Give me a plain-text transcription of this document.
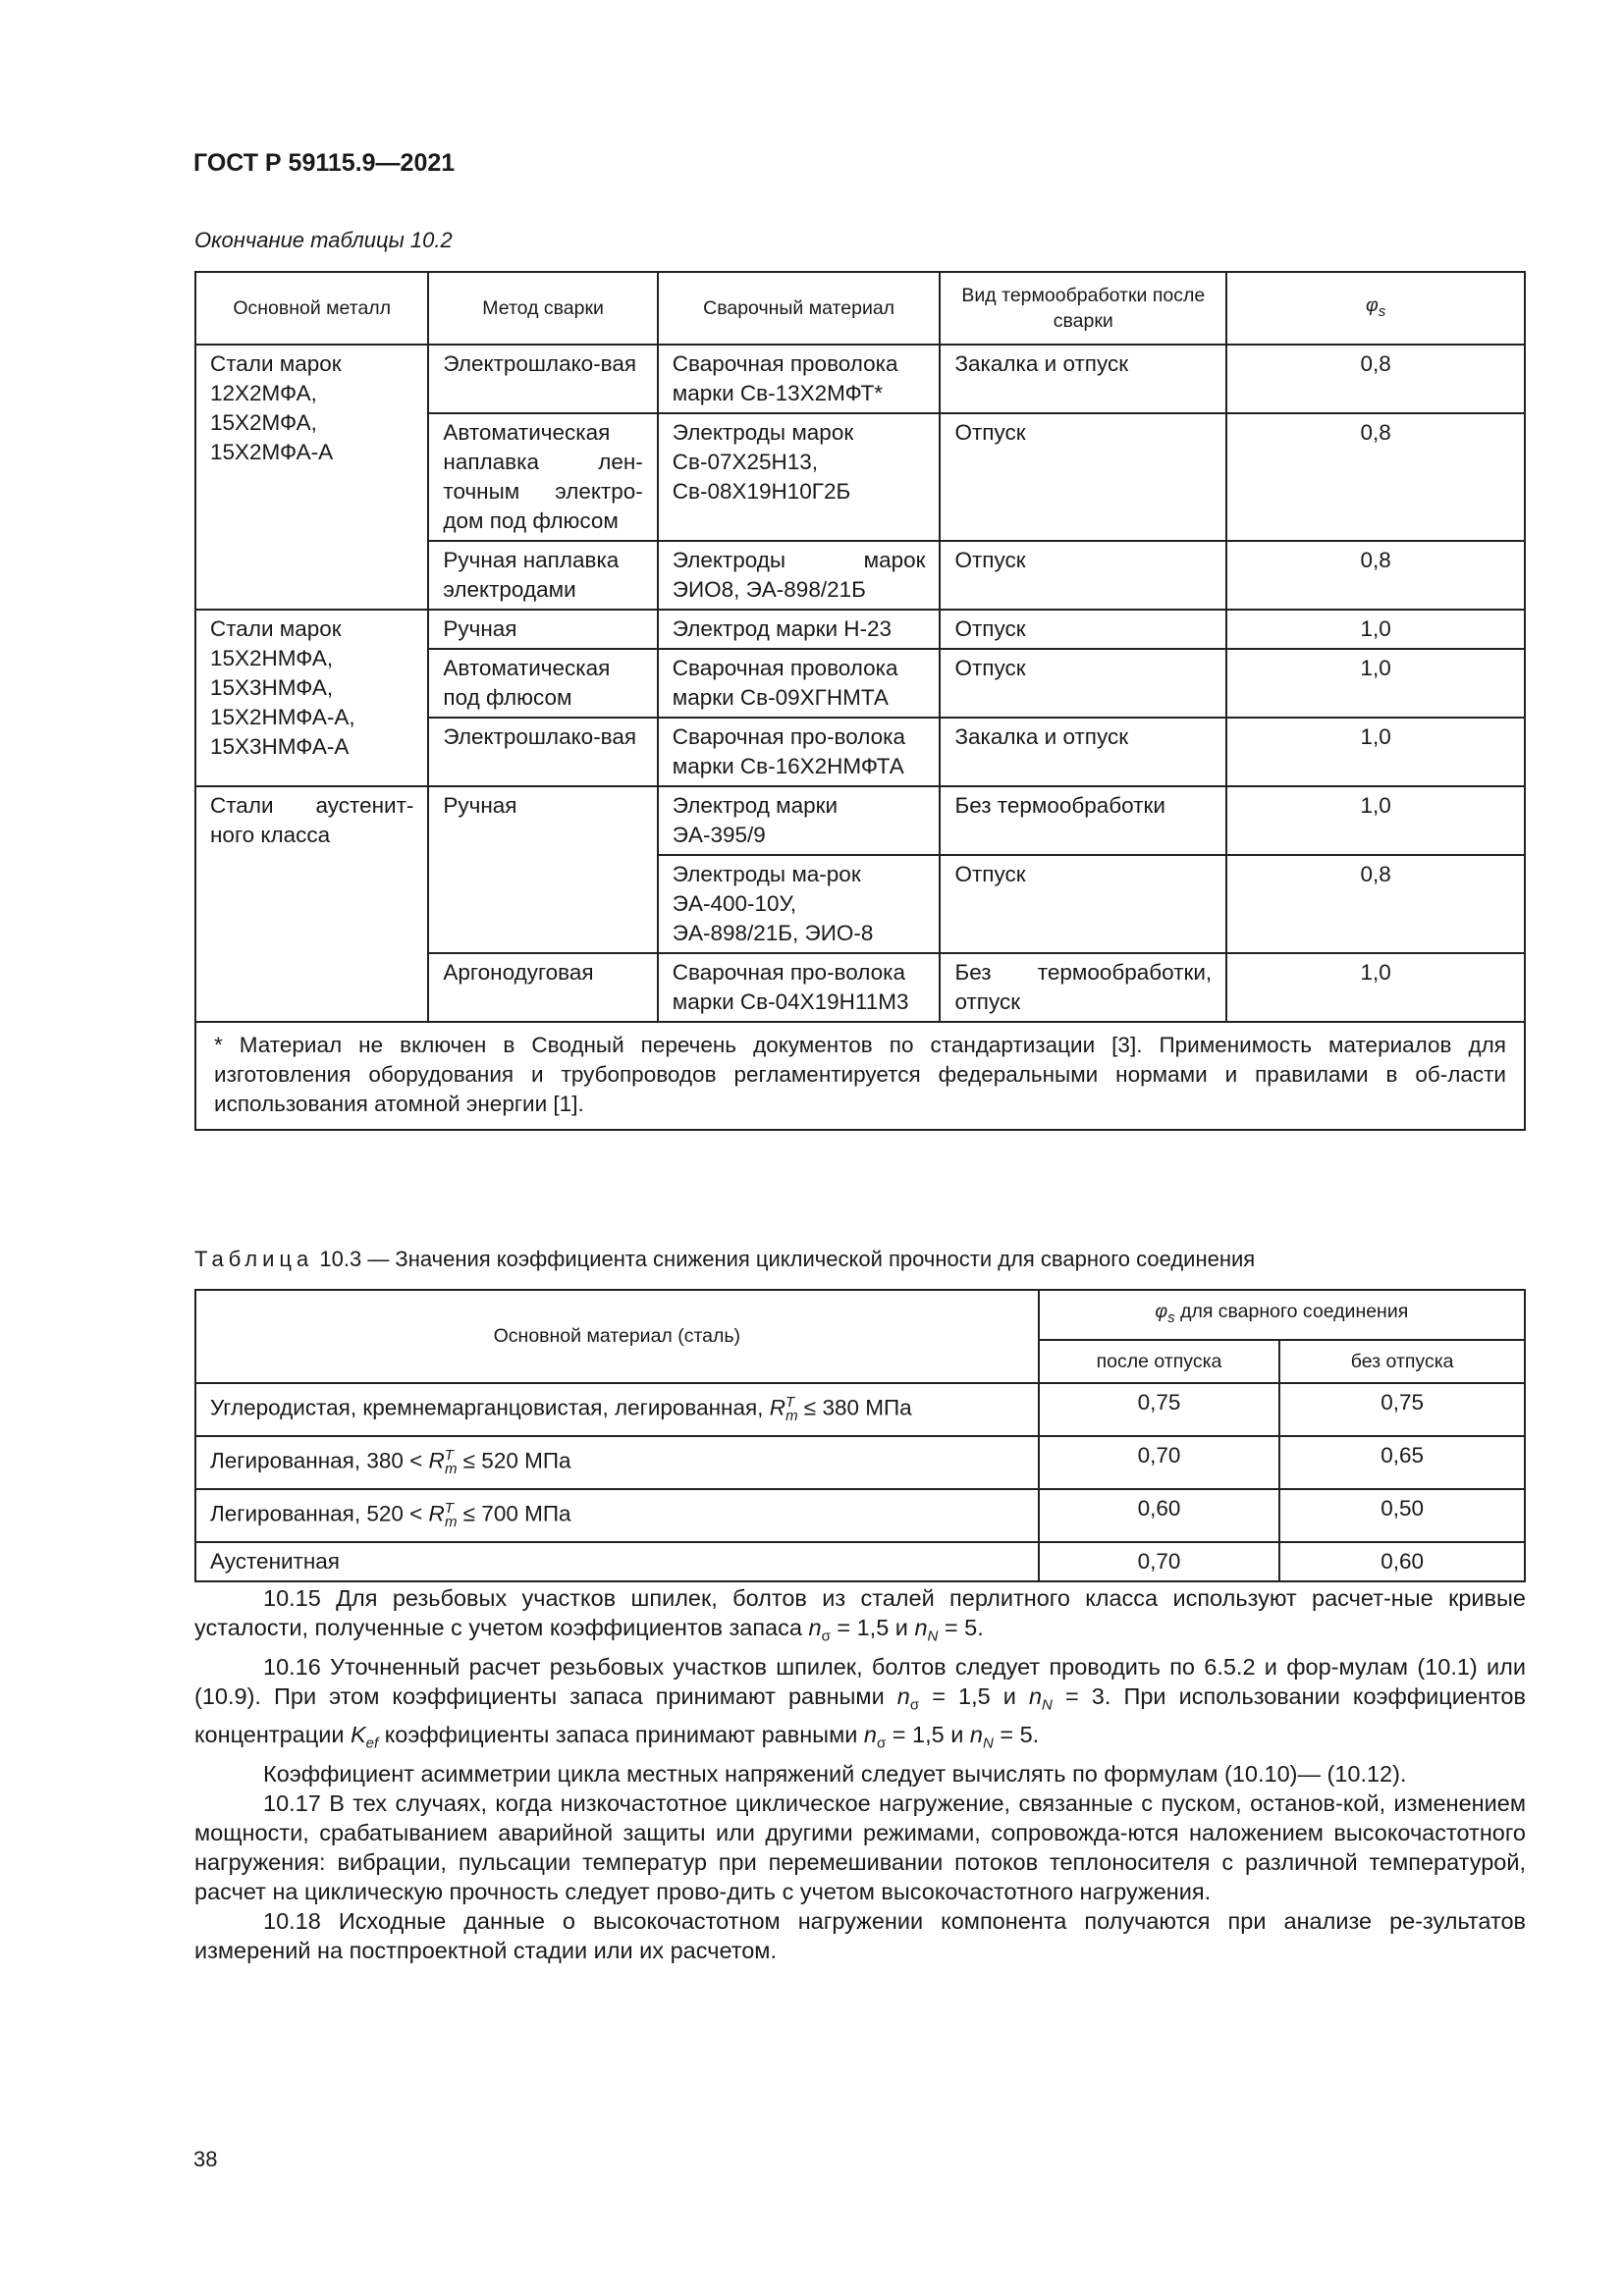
ГОСТ Р 59115.9—2021
Окончание таблицы 10.2
Основной металл	Метод сварки	Сварочный материал	Вид термообработки после сварки	$\varphi_s$
Стали марок 12Х2МФА, 15Х2МФА, 15Х2МФА-А	Электрошлако-вая	Сварочная проволока марки Св-13Х2МФТ*	Закалка и отпуск	0,8
	Автоматическая наплавка лен-точным электро-дом под флюсом	Электроды марок Св-07Х25Н13, Св-08Х19Н10Г2Б	Отпуск	0,8
	Ручная наплавка электродами	Электроды марок ЭИО8, ЭА-898/21Б	Отпуск	0,8
Стали марок 15Х2НМФА, 15Х3НМФА, 15Х2НМФА-А, 15Х3НМФА-А	Ручная	Электрод марки Н-23	Отпуск	1,0
	Автоматическая под флюсом	Сварочная проволока марки Св-09ХГНМТА	Отпуск	1,0
	Электрошлако-вая	Сварочная про-волока марки Св-16Х2НМФТА	Закалка и отпуск	1,0
Стали аустенит-ного класса	Ручная	Электрод марки ЭА-395/9	Без термообработки	1,0
		Электроды ма-рок ЭА-400-10У, ЭА-898/21Б, ЭИО-8	Отпуск	0,8
	Аргонодуговая	Сварочная про-волока марки Св-04Х19Н11М3	Без термообработки, отпуск	1,0
* Материал не включен в Сводный перечень документов по стандартизации [3]. Применимость материалов для изготовления оборудования и трубопроводов регламентируется федеральными нормами и правилами в об-ласти использования атомной энергии [1].				
Таблица 10.3 — Значения коэффициента снижения циклической прочности для сварного соединения
Основной материал (сталь)	$\varphi_s$ для сварного соединения	
	после отпуска	без отпуска
Углеродистая, кремнемарганцовистая, легированная, $R^T_m \le 380$ МПа	0,75	0,75
Легированная, $380 < R^T_m \le 520$ МПа	0,70	0,65
Легированная, $520 < R^T_m \le 700$ МПа	0,60	0,50
Аустенитная	0,70	0,60

10.15 Для резьбовых участков шпилек, болтов из сталей перлитного класса используют расчет-ные кривые усталости, полученные с учетом коэффициентов запаса $n_\sigma = 1,5$ и $n_N = 5$.

10.16 Уточненный расчет резьбовых участков шпилек, болтов следует проводить по 6.5.2 и фор-мулам (10.1) или (10.9). При этом коэффициенты запаса принимают равными $n_\sigma = 1,5$ и $n_N = 3$. При использовании коэффициентов концентрации $K_{ef}$ коэффициенты запаса принимают равными $n_\sigma = 1,5$ и $n_N = 5$.

Коэффициент асимметрии цикла местных напряжений следует вычислять по формулам (10.10)— (10.12).

10.17 В тех случаях, когда низкочастотное циклическое нагружение, связанные с пуском, останов-кой, изменением мощности, срабатыванием аварийной защиты или другими режимами, сопровожда-ются наложением высокочастотного нагружения: вибрации, пульсации температур при перемешивании потоков теплоносителя с различной температурой, расчет на циклическую прочность следует прово-дить с учетом высокочастотного нагружения.

10.18 Исходные данные о высокочастотном нагружении компонента получаются при анализе ре-зультатов измерений на постпроектной стадии или их расчетом.

38
